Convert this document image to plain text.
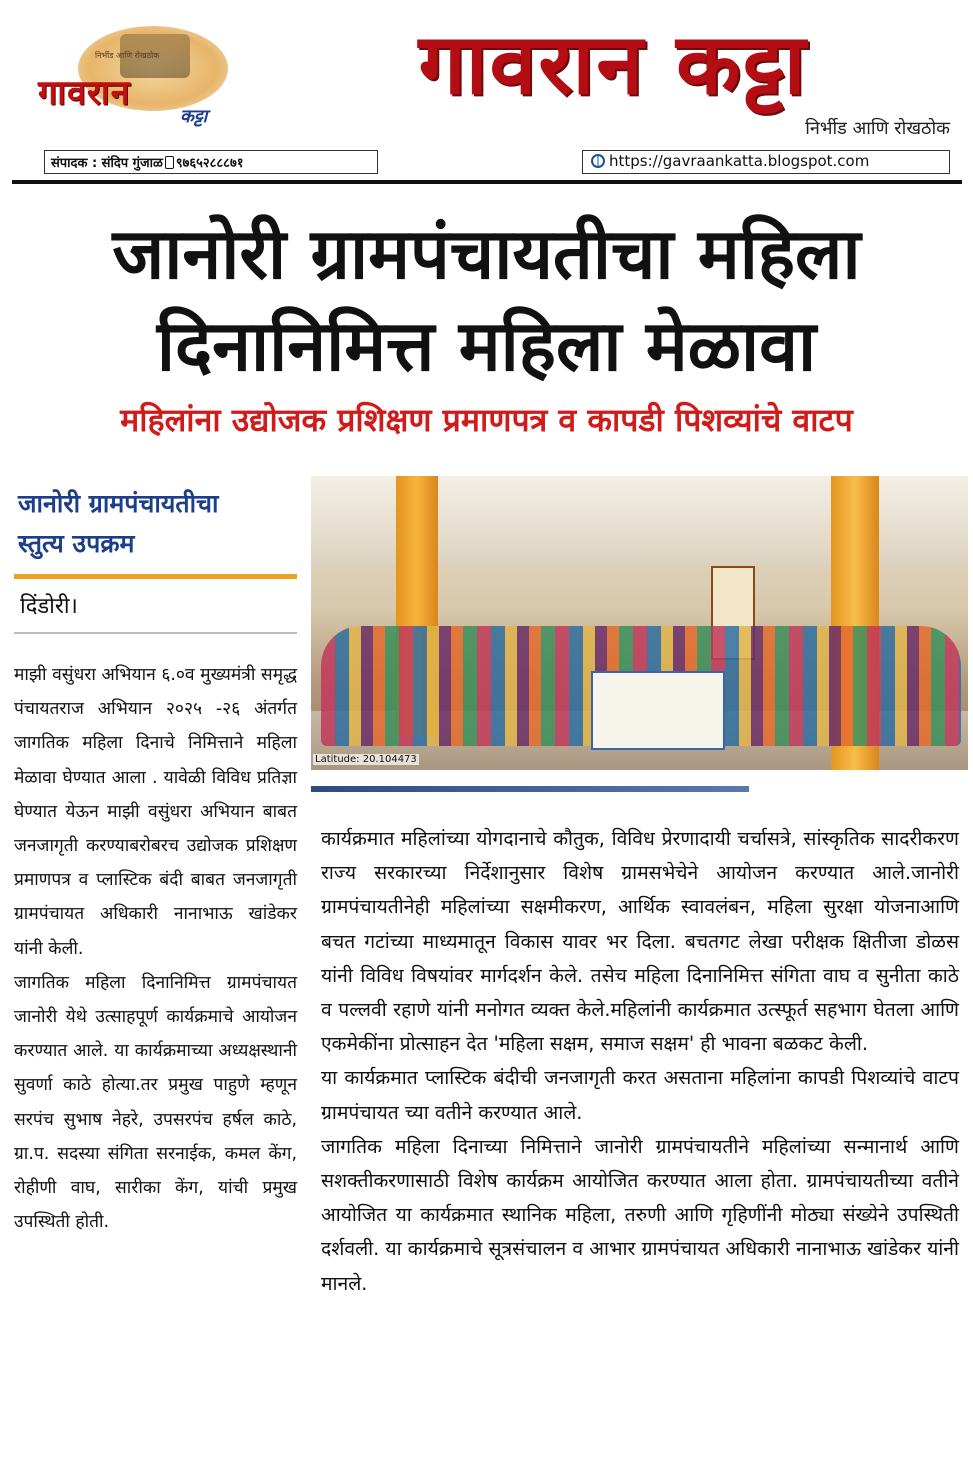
निर्भीड आणि रोखठोक
गावरान
कट्टा
गावरान कट्टा
निर्भीड आणि रोखठोक
संपादक : संदिप गुंजाळ ९७६५२८८८७१	https://gavraankatta.blogspot.com
जानोरी ग्रामपंचायतीचा महिला
दिनानिमित्त महिला मेळावा
महिलांना उद्योजक प्रशिक्षण प्रमाणपत्र व कापडी पिशव्यांचे वाटप
जानोरी ग्रामपंचायतीचा
स्तुत्य उपक्रम
दिंडोरी।

माझी वसुंधरा अभियान ६.०व मुख्यमंत्री समृद्ध पंचायतराज अभियान २०२५ -२६ अंतर्गत जागतिक महिला दिनाचे निमित्ताने महिला मेळावा घेण्यात आला . यावेळी विविध प्रतिज्ञा घेण्यात येऊन माझी वसुंधरा अभियान बाबत जनजागृती करण्याबरोबरच उद्योजक प्रशिक्षण प्रमाणपत्र व प्लास्टिक बंदी बाबत जनजागृती ग्रामपंचायत अधिकारी नानाभाऊ खांडेकर यांनी केली.

जागतिक महिला दिनानिमित्त ग्रामपंचायत जानोरी येथे उत्साहपूर्ण कार्यक्रमाचे आयोजन करण्यात आले. या कार्यक्रमाच्या अध्यक्षस्थानी सुवर्णा काठे होत्या.तर प्रमुख पाहुणे म्हणून सरपंच सुभाष नेहरे, उपसरपंच हर्षल काठे, ग्रा.प. सदस्या संगिता सरनाईक, कमल केंग, रोहीणी वाघ, सारीका केंग, यांची प्रमुख उपस्थिती होती.

Latitude: 20.104473

कार्यक्रमात महिलांच्या योगदानाचे कौतुक, विविध प्रेरणादायी चर्चासत्रे, सांस्कृतिक सादरीकरण राज्य सरकारच्या निर्देशानुसार विशेष ग्रामसभेचेने आयोजन करण्यात आले.जानोरी ग्रामपंचायतीनेही महिलांच्या सक्षमीकरण, आर्थिक स्वावलंबन, महिला सुरक्षा योजनाआणि बचत गटांच्या माध्यमातून विकास यावर भर दिला. बचतगट लेखा परीक्षक क्षितीजा डोळस यांनी विविध विषयांवर मार्गदर्शन केले. तसेच महिला दिनानिमित्त संगिता वाघ व सुनीता काठे व पल्लवी रहाणे यांनी मनोगत व्यक्त केले.महिलांनी कार्यक्रमात उत्स्फूर्त सहभाग घेतला आणि एकमेकींना प्रोत्साहन देत 'महिला सक्षम, समाज सक्षम' ही भावना बळकट केली.

या कार्यक्रमात प्लास्टिक बंदीची जनजागृती करत असताना महिलांना कापडी पिशव्यांचे वाटप ग्रामपंचायत च्या वतीने करण्यात आले.

जागतिक महिला दिनाच्या निमित्ताने जानोरी ग्रामपंचायतीने महिलांच्या सन्मानार्थ आणि सशक्तीकरणासाठी विशेष कार्यक्रम आयोजित करण्यात आला होता. ग्रामपंचायतीच्या वतीने आयोजित या कार्यक्रमात स्थानिक महिला, तरुणी आणि गृहिणींनी मोठ्या संख्येने उपस्थिती दर्शवली. या कार्यक्रमाचे सूत्रसंचालन व आभार ग्रामपंचायत अधिकारी नानाभाऊ खांडेकर यांनी मानले.
